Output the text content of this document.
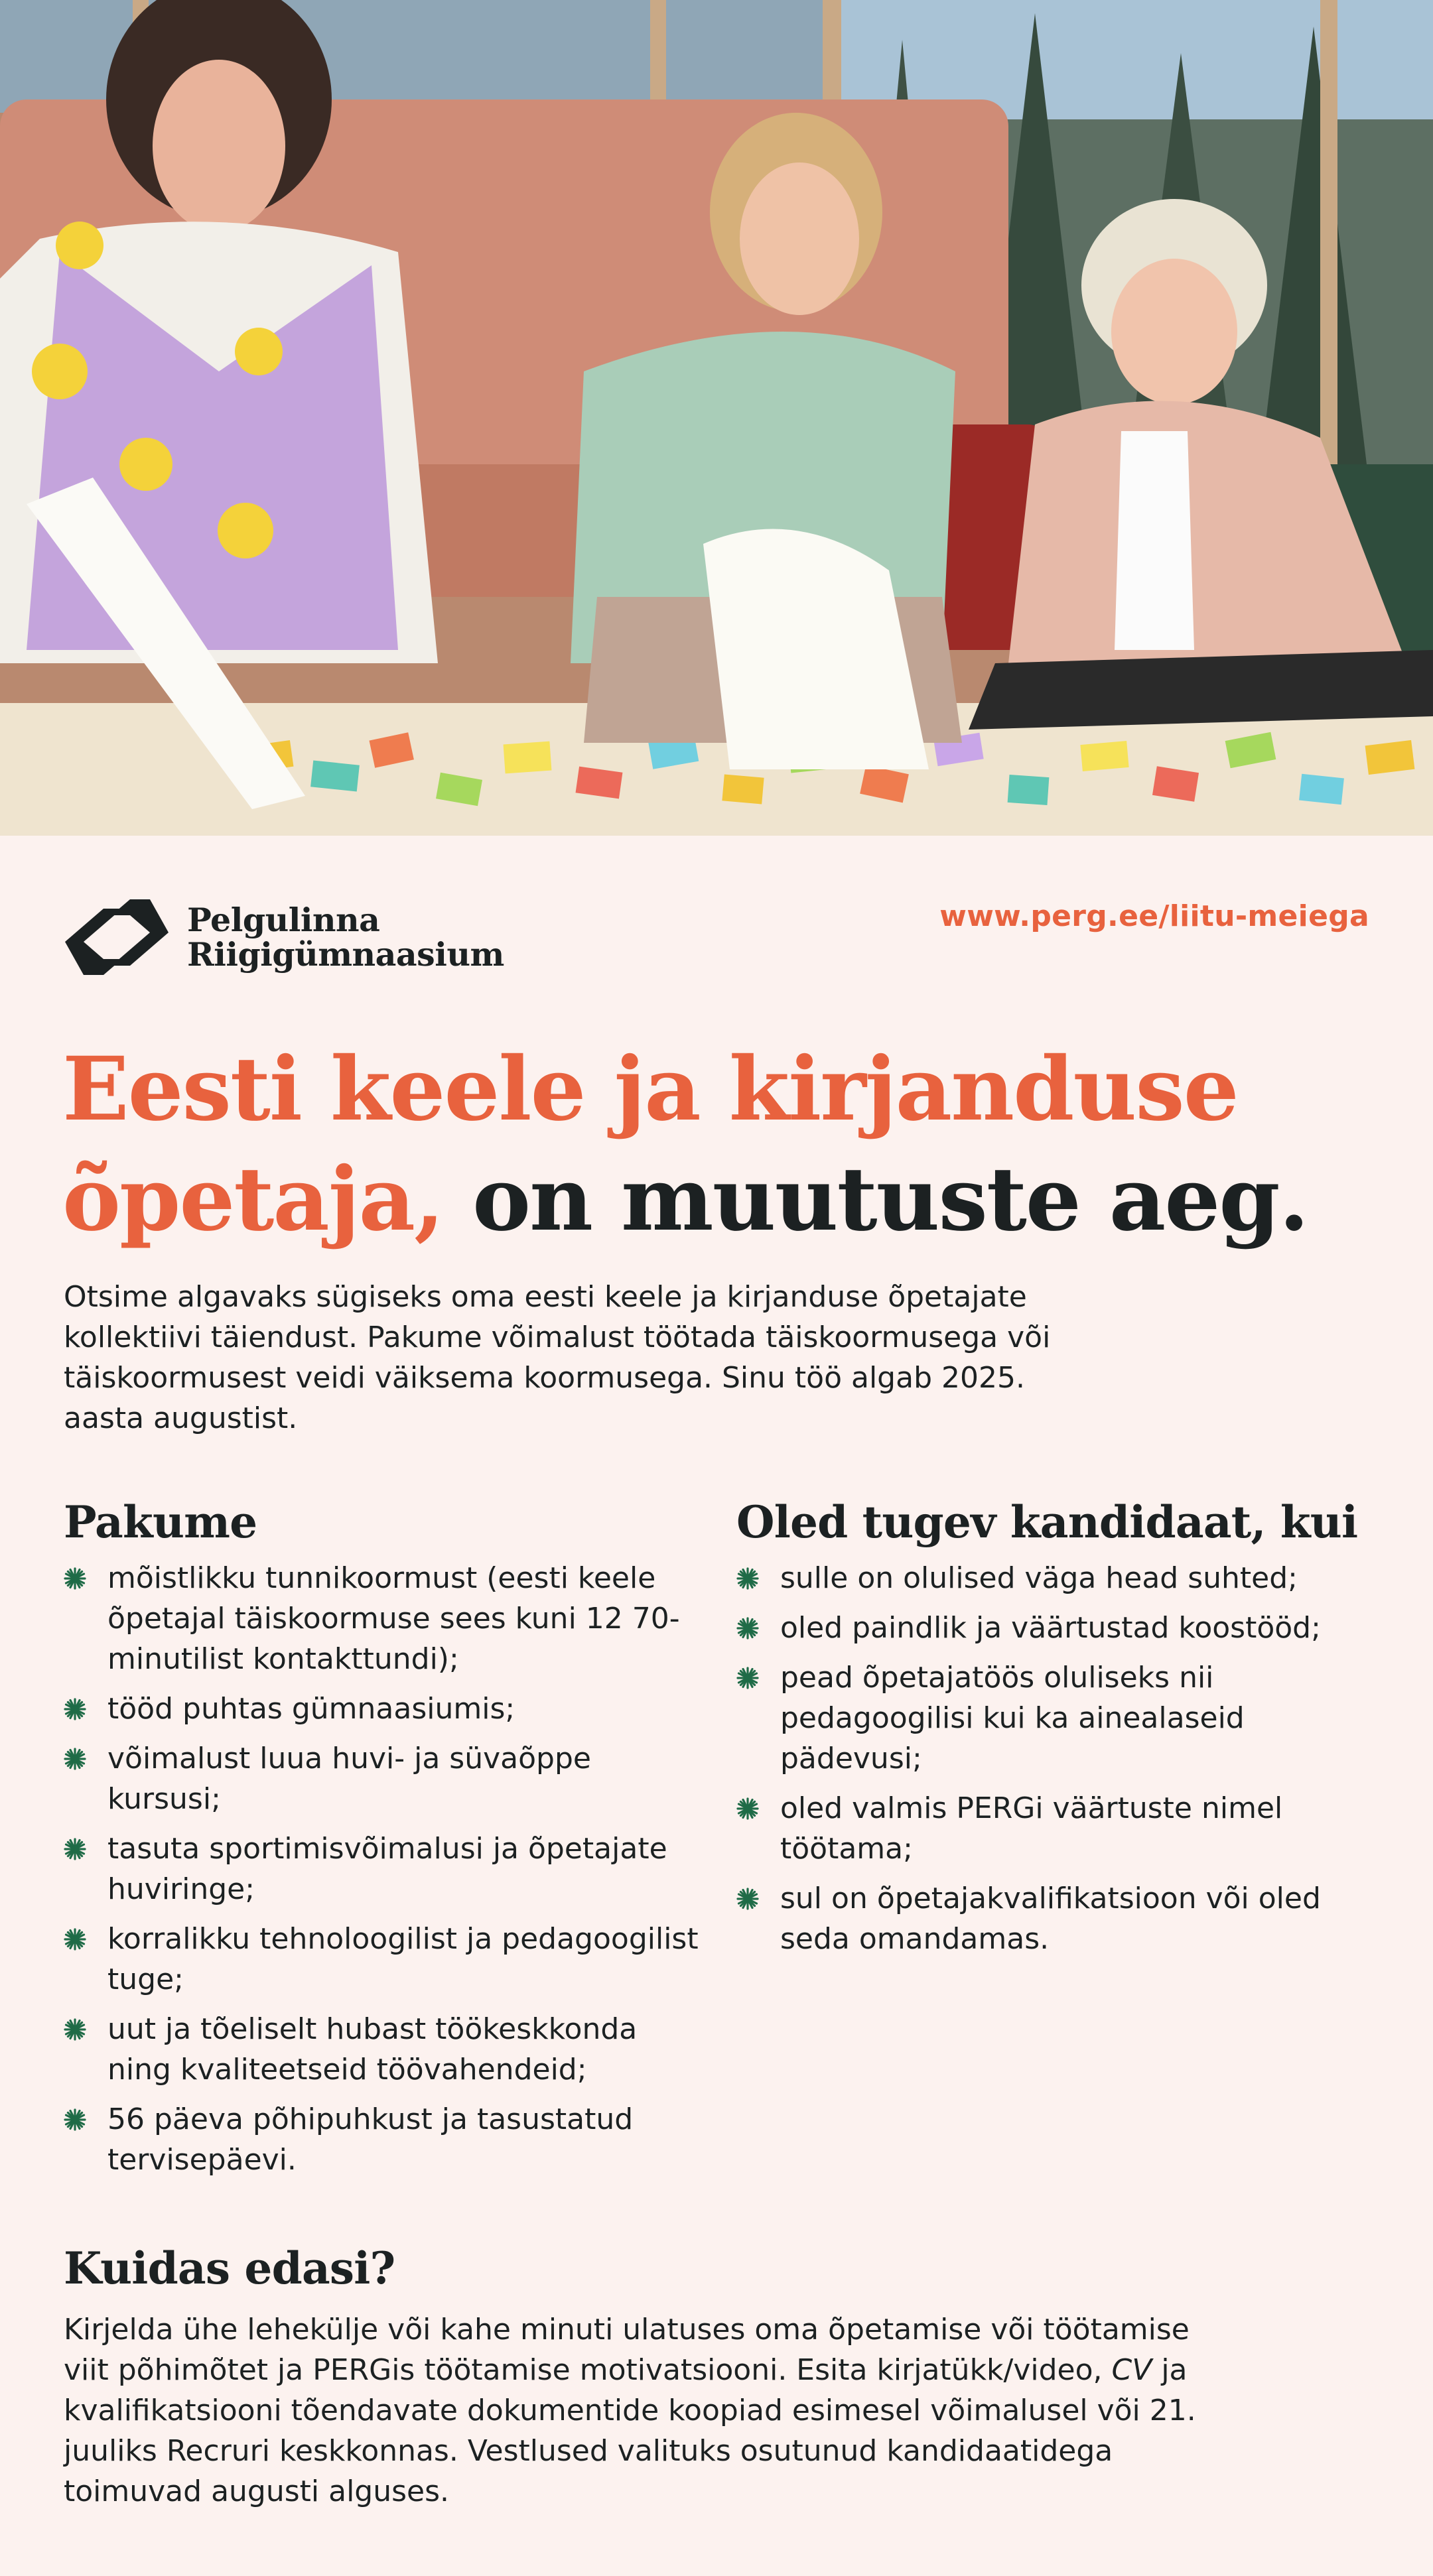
Pelgulinna
Riigigümnaasium
www.perg.ee/liitu-meiega
Eesti keele ja kirjanduse õpetaja, on muutuste aeg.

Otsime algavaks sügiseks oma eesti keele ja kirjanduse õpetajate kollektiivi täiendust. Pakume võimalust töötada täiskoormusega või täiskoormusest veidi väiksema koormusega. Sinu töö algab 2025. aasta augustist.

Pakume
mõistlikku tunnikoormust (eesti keele õpetajal täiskoormuse sees kuni 12 70-minutilist kontakttundi);
tööd puhtas gümnaasiumis;
võimalust luua huvi- ja süvaõppe kursusi;
tasuta sportimisvõimalusi ja õpetajate huviringe;
korralikku tehnoloogilist ja pedagoogilist tuge;
uut ja tõeliselt hubast töökeskkonda ning kvaliteetseid töövahendeid;
56 päeva põhipuhkust ja tasustatud tervisepäevi.
Oled tugev kandidaat, kui
sulle on olulised väga head suhted;
oled paindlik ja väärtustad koostööd;
pead õpetajatöös oluliseks nii pedagoogilisi kui ka ainealaseid pädevusi;
oled valmis PERGi väärtuste nimel töötama;
sul on õpetajakvalifikatsioon või oled seda omandamas.
Kuidas edasi?

Kirjelda ühe lehekülje või kahe minuti ulatuses oma õpetamise või töötamise viit põhimõtet ja PERGis töötamise motivatsiooni. Esita kirjatükk/video, CV ja kvalifikatsiooni tõendavate dokumentide koopiad esimesel võimalusel või 21. juuliks Recruri keskkonnas. Vestlused valituks osutunud kandidaatidega toimuvad augusti alguses.
